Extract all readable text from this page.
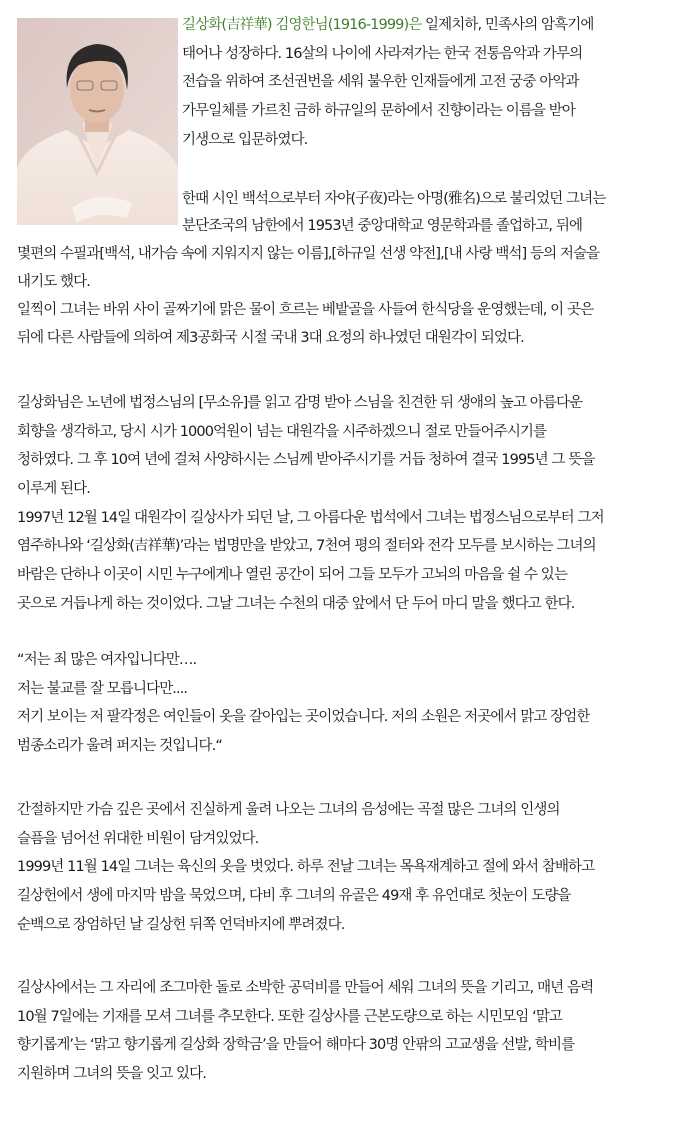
길상화(吉祥華) 김영한님(1916-1999)은 일제치하, 민족사의 암흑기에
태어나 성장하다. 16살의 나이에 사라져가는 한국 전통음악과 가무의
전습을 위하여 조선권번을 세워 불우한 인재들에게 고전 궁중 아악과
가무일체를 가르친 금하 하규일의 문하에서 진향이라는 이름을 받아
기생으로 입문하였다.
한때 시인 백석으로부터 자야(子夜)라는 아명(雅名)으로 불리었던 그녀는
분단조국의 남한에서 1953년 중앙대학교 영문학과를 졸업하고, 뒤에
몇편의 수필과[백석, 내가슴 속에 지워지지 않는 이름],[하규일 선생 약전],[내 사랑 백석] 등의 저술을
내기도 했다.
일찍이 그녀는 바위 사이 골짜기에 맑은 물이 흐르는 베밭골을 사들여 한식당을 운영했는데, 이 곳은
뒤에 다른 사람들에 의하여 제3공화국 시절 국내 3대 요정의 하나였던 대원각이 되었다.
길상화님은 노년에 법정스님의 [무소유]를 읽고 감명 받아 스님을 친견한 뒤 생애의 높고 아름다운
회향을 생각하고, 당시 시가 1000억원이 넘는 대원각을 시주하겠으니 절로 만들어주시기를
청하였다. 그 후 10여 년에 걸쳐 사양하시는 스님께 받아주시기를 거듭 청하여 결국 1995년 그 뜻을
이루게 된다.
1997년 12월 14일 대원각이 길상사가 되던 날, 그 아름다운 법석에서 그녀는 법정스님으로부터 그저
염주하나와 ‘길상화(吉祥華)’라는 법명만을 받았고, 7천여 평의 절터와 전각 모두를 보시하는 그녀의
바람은 단하나 이곳이 시민 누구에게나 열린 공간이 되어 그들 모두가 고뇌의 마음을 쉴 수 있는
곳으로 거듭나게 하는 것이었다. 그날 그녀는 수천의 대중 앞에서 단 두어 마디 말을 했다고 한다.
“저는 죄 많은 여자입니다만….
저는 불교를 잘 모릅니다만....
저기 보이는 저 팔각정은 여인들이 옷을 갈아입는 곳이었습니다. 저의 소원은 저곳에서 맑고 장엄한
범종소리가 울려 퍼지는 것입니다.“
간절하지만 가슴 깊은 곳에서 진실하게 울려 나오는 그녀의 음성에는 곡절 많은 그녀의 인생의
슬픔을 넘어선 위대한 비원이 담겨있었다.
1999년 11월 14일 그녀는 육신의 옷을 벗었다. 하루 전날 그녀는 목욕재계하고 절에 와서 참배하고
길상헌에서 생에 마지막 밤을 묵었으며, 다비 후 그녀의 유골은 49재 후 유언대로 첫눈이 도량을
순백으로 장엄하던 날 길상헌 뒤쪽 언덕바지에 뿌려졌다.
길상사에서는 그 자리에 조그마한 돌로 소박한 공덕비를 만들어 세워 그녀의 뜻을 기리고, 매년 음력
10월 7일에는 기재를 모셔 그녀를 추모한다. 또한 길상사를 근본도량으로 하는 시민모임 ‘맑고
향기롭게’는 ‘맑고 향기롭게 길상화 장학금’을 만들어 해마다 30명 안팎의 고교생을 선발, 학비를
지원하며 그녀의 뜻을 잇고 있다.
